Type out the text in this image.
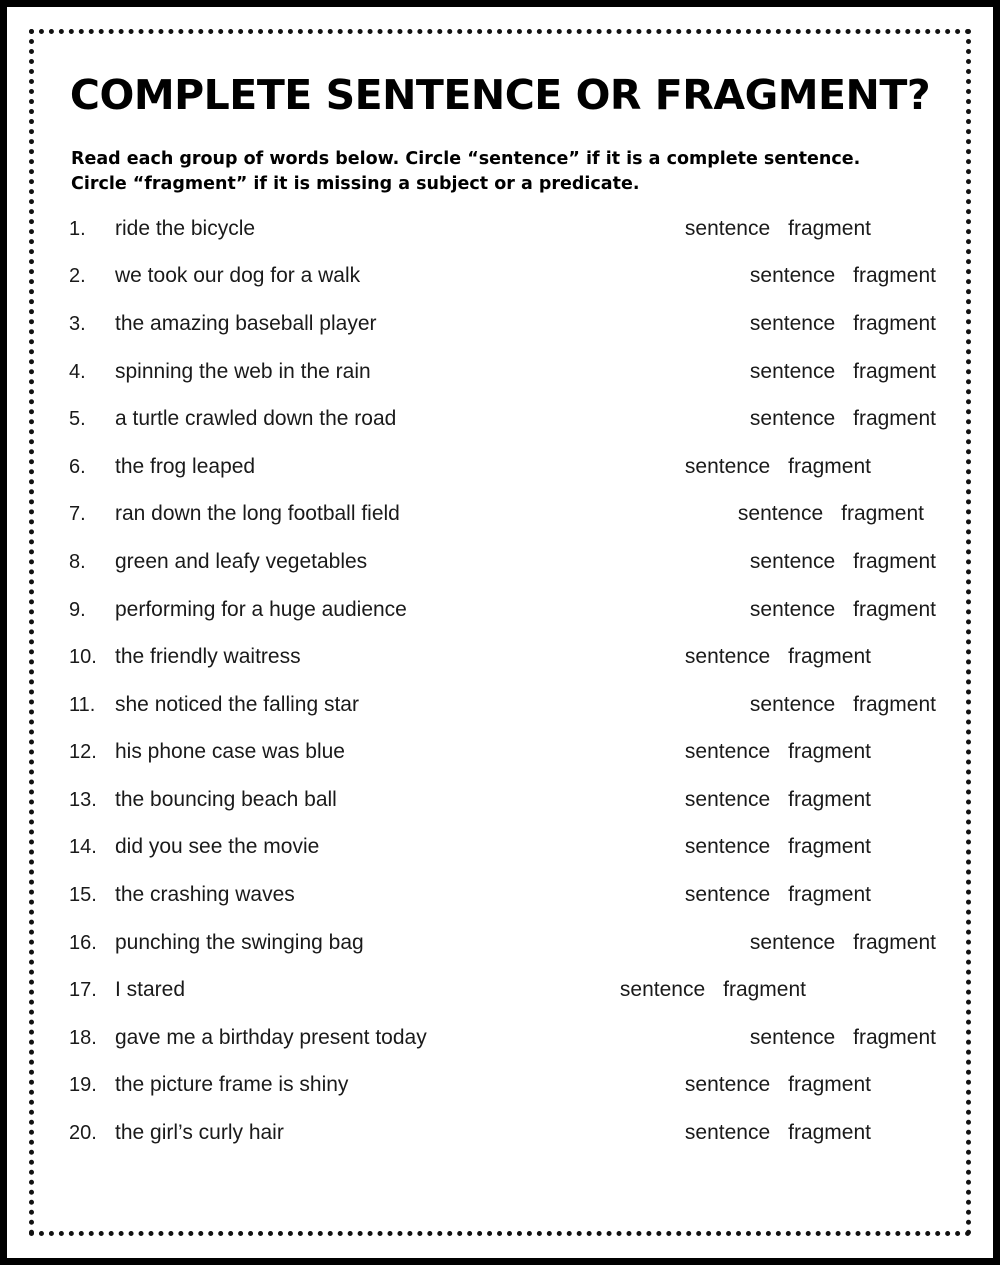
COMPLETE SENTENCE OR FRAGMENT?

Read each group of words below. Circle “sentence” if it is a complete sentence. Circle “fragment” if it is missing a subject or a predicate.

1.	ride the bicycle	sentence fragment
2.	we took our dog for a walk	sentence fragment
3.	the amazing baseball player	sentence fragment
4.	spinning the web in the rain	sentence fragment
5.	a turtle crawled down the road	sentence fragment
6.	the frog leaped	sentence fragment
7.	ran down the long football field	sentence fragment
8.	green and leafy vegetables	sentence fragment
9.	performing for a huge audience	sentence fragment
10. the friendly waitress	sentence fragment
11. she noticed the falling star	sentence fragment
12. his phone case was blue	sentence fragment
13. the bouncing beach ball	sentence fragment
14. did you see the movie	sentence fragment
15. the crashing waves	sentence fragment
16. punching the swinging bag	sentence fragment
17. I stared	sentence fragment
18. gave me a birthday present today	sentence fragment
19. the picture frame is shiny	sentence fragment
20. the girl’s curly hair	sentence fragment
